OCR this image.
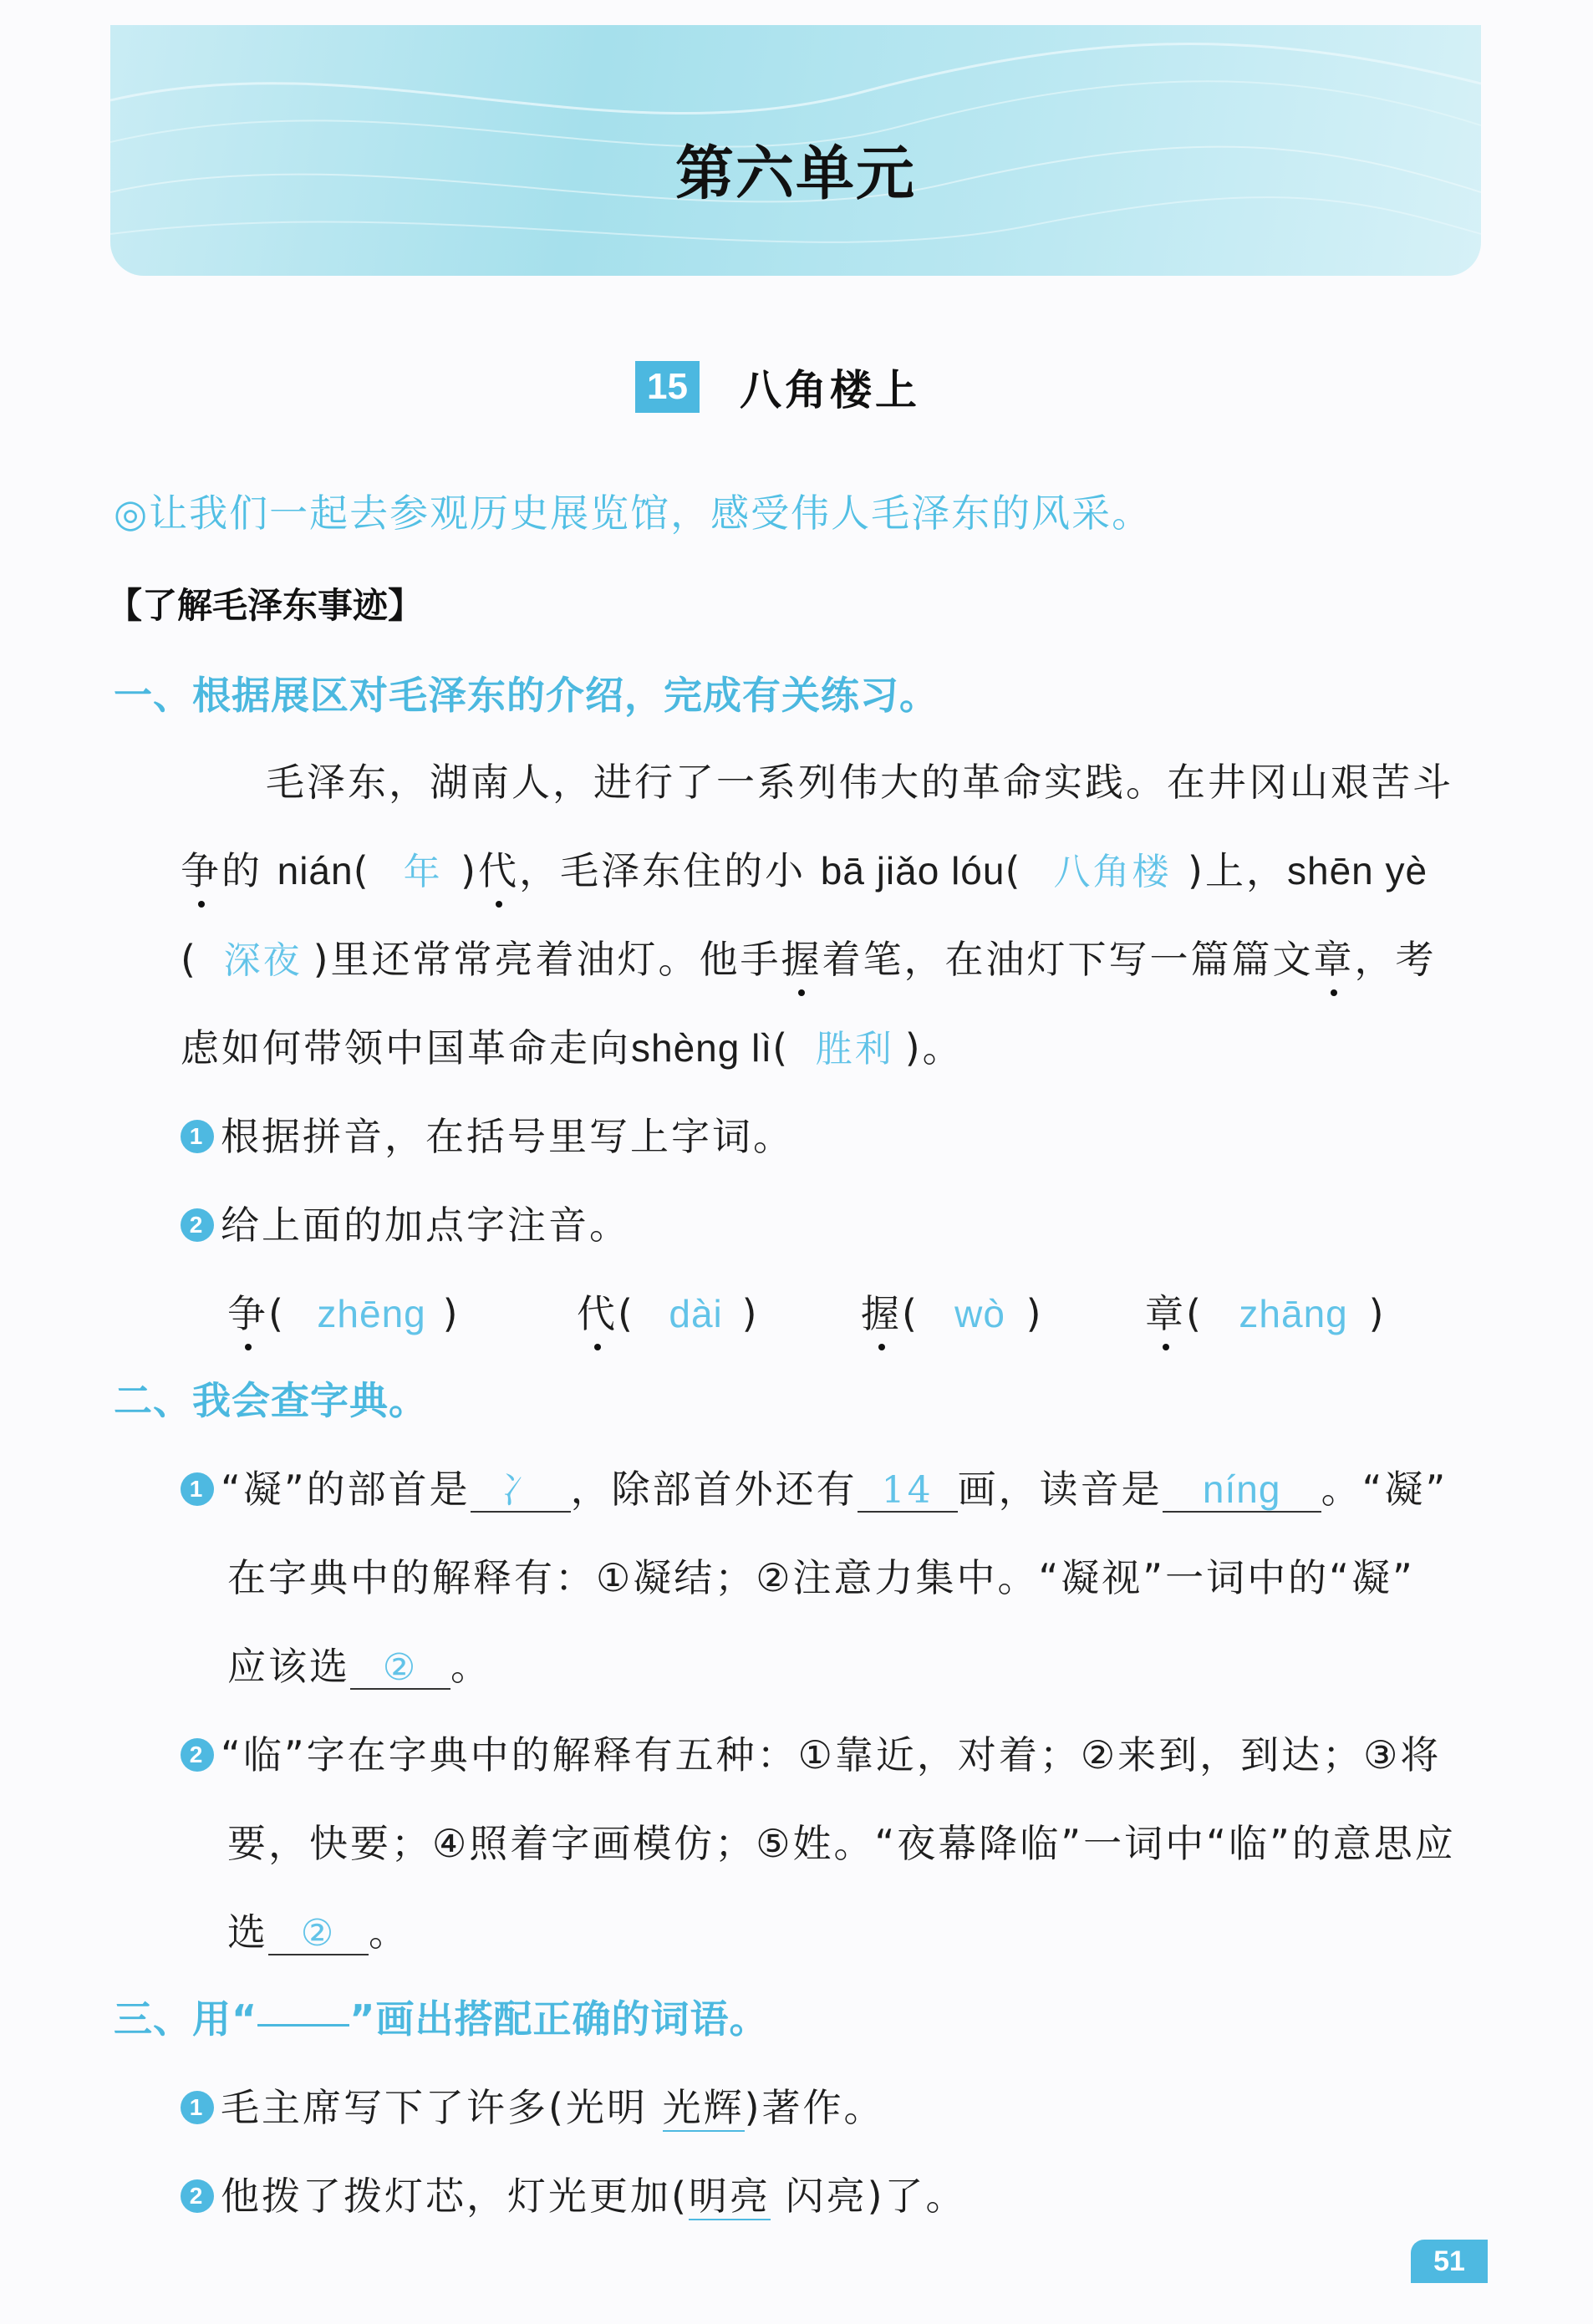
第六单元
15 八角楼上
◎让我们一起去参观历史展览馆，感受伟人毛泽东的风采。
【了解毛泽东事迹】
一、根据展区对毛泽东的介绍，完成有关练习。
毛泽东，湖南人，进行了一系列伟大的革命实践。在井冈山艰苦斗
争的 nián( 年 )代，毛泽东住的小 bā jiǎo lóu( 八角楼 )上，shēn yè
( 深夜 )里还常常亮着油灯。他手握着笔，在油灯下写一篇篇文章，考
虑如何带领中国革命走向shèng lì( 胜利 )。
1 根据拼音，在括号里写上字词。
2 给上面的加点字注音。
争( zhēng )	代( dài )	握( wò )	章( zhāng )
二、我会查字典。
1 “凝”的部首是 冫 ，除部首外还有 14 画，读音是 níng 。“凝”
在字典中的解释有：①凝结；②注意力集中。“凝视”一词中的“凝”
应该选 ② 。
2 “临”字在字典中的解释有五种：①靠近，对着；②来到，到达；③将
要，快要；④照着字画模仿；⑤姓。“夜幕降临”一词中“临”的意思应
选 ② 。
三、用“ ”画出搭配正确的词语。
1 毛主席写下了许多(光明 光辉)著作。
2 他拨了拨灯芯，灯光更加(明亮 闪亮)了。
51
